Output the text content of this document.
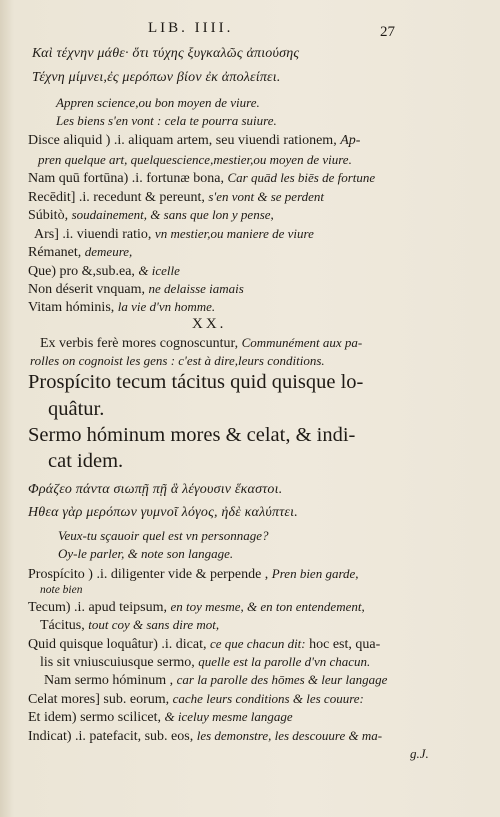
LIB. IIII.	27
Καὶ τέχνην μάθε· ὅτι τύχης ξυγκαλῶς ἀπιούσης
Τέχνη μίμνει,ἐς μερόπων βίον ἐκ ἀπολείπει.
Appren science,ou bon moyen de viure.
Les biens s'en vont : cela te pourra suiure.
Disce aliquid ) .i. aliquam artem, seu viuendi rationem, Ap-
pren quelque art, quelquescience,mestier,ou moyen de viure.
Nam quū fortūna) .i. fortunæ bona, Car quād les biēs de fortune
Recēdit] .i. recedunt & pereunt, s'en vont & se perdent
Súbitò, soudainement, & sans que lon y pense,
Ars] .i. viuendi ratio, vn mestier,ou maniere de viure
Rémanet, demeure,
Que) pro &,sub.ea, & icelle
Non déserit vnquam, ne delaisse iamais
Vitam hóminis, la vie d'vn homme.
XX.
Ex verbis ferè mores cognoscuntur, Communément aux pa-
rolles on cognoist les gens : c'est à dire,leurs conditions.
Prospícito tecum tácitus quid quisque lo-
quâtur.
Sermo hóminum mores & celat, & indi-
cat idem.
Φράζεο πάντα σιωπῇ πῇ ἃ λέγουσιν ἕκαστοι.
Ηθεα γὰρ μερόπων γυμνοῖ λόγος, ἠδὲ καλύπτει.
Veux-tu sçauoir quel est vn personnage?
Oy-le parler, & note son langage.
Prospícito ) .i. diligenter vide & perpende , Pren bien garde,
note bien
Tecum) .i. apud teipsum, en toy mesme, & en ton entendement,
Tácitus, tout coy & sans dire mot,
Quid quisque loquâtur) .i. dicat, ce que chacun dit: hoc est, qua-
lis sit vniuscuiusque sermo, quelle est la parolle d'vn chacun.
Nam sermo hóminum , car la parolle des hōmes & leur langage
Celat mores] sub. eorum, cache leurs conditions & les couure:
Et idem) sermo scilicet, & iceluy mesme langage
Indicat) .i. patefacit, sub. eos, les demonstre, les descouure & ma-
g.J.
